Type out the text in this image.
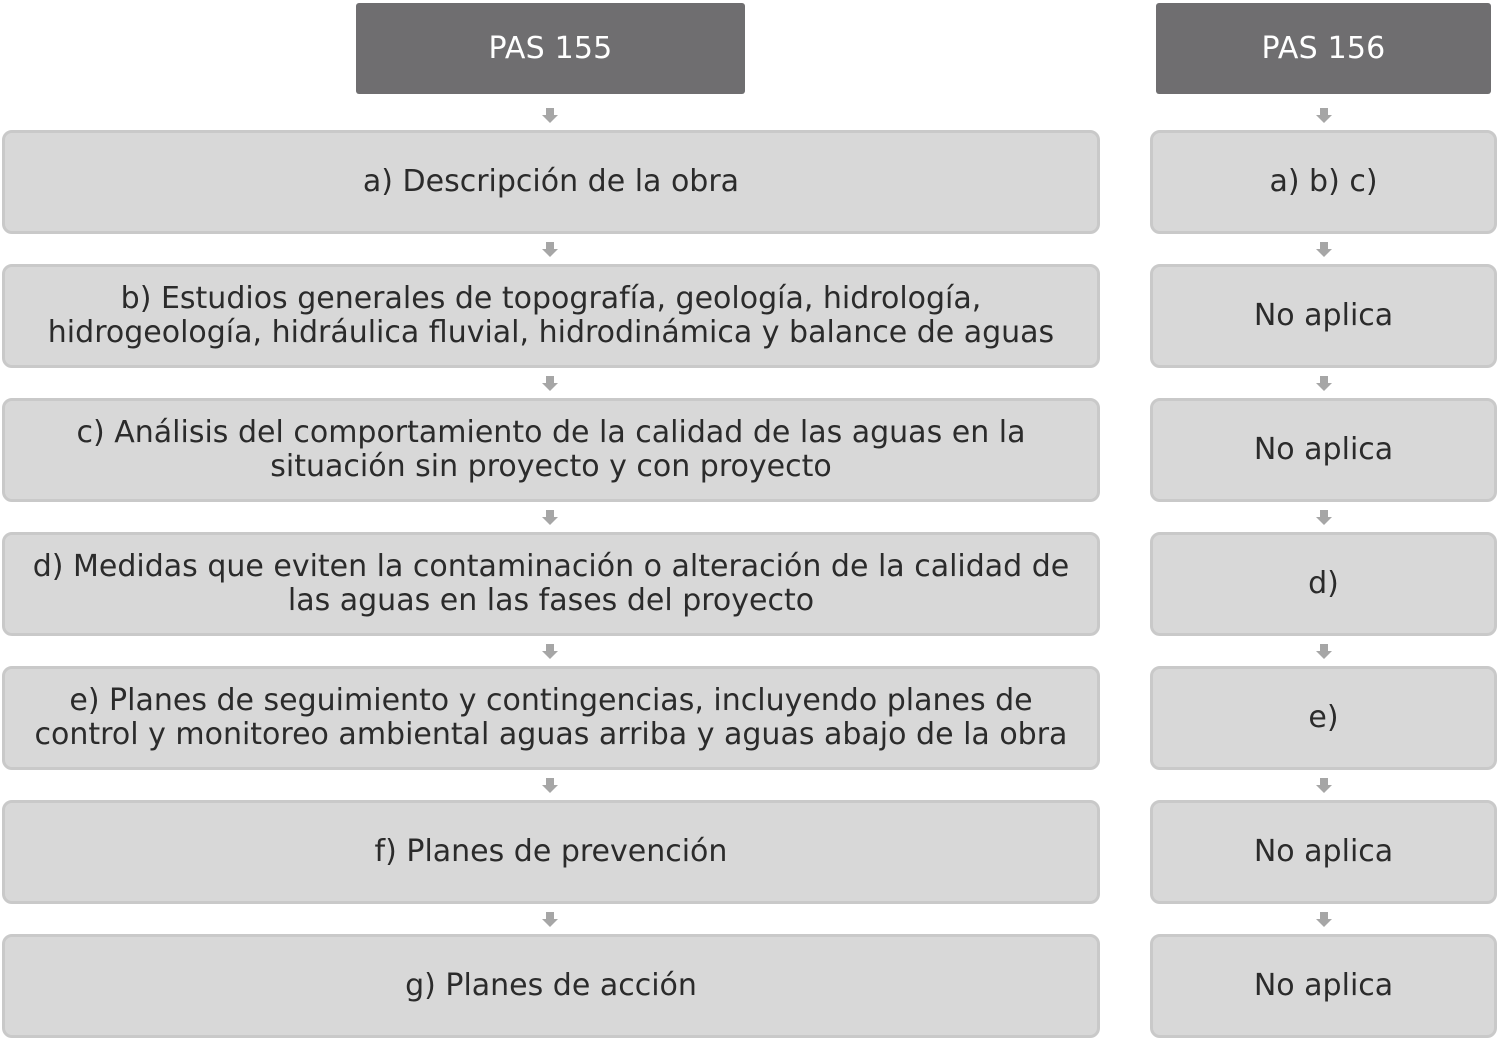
PAS 155	PAS 156
a) Descripción de la obra	a) b) c)
b) Estudios generales de topografía, geología, hidrología, hidrogeología, hidráulica fluvial, hidrodinámica y balance de aguas	No aplica
c) Análisis del comportamiento de la calidad de las aguas en la situación sin proyecto y con proyecto	No aplica
d) Medidas que eviten la contaminación o alteración de la calidad de las aguas en las fases del proyecto	d)
e) Planes de seguimiento y contingencias, incluyendo planes de control y monitoreo ambiental aguas arriba y aguas abajo de la obra	e)
f) Planes de prevención	No aplica
g) Planes de acción	No aplica
